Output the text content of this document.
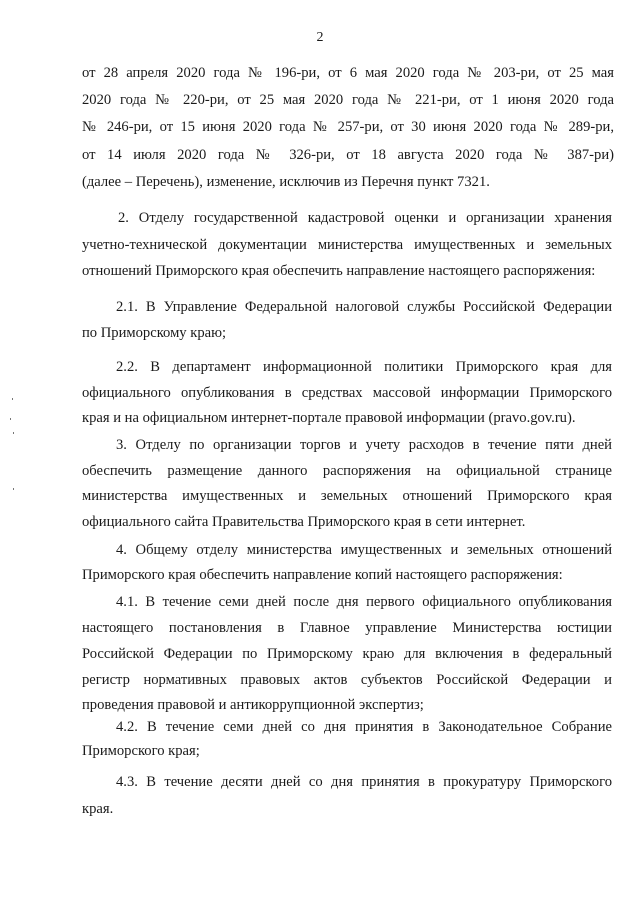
2
от 28 апреля 2020 года № 196-ри, от 6 мая 2020 года № 203-ри, от 25 мая
2020 года № 220-ри, от 25 мая 2020 года № 221-ри, от 1 июня 2020 года
№ 246-ри, от 15 июня 2020 года № 257-ри, от 30 июня 2020 года № 289-ри,
от 14 июля 2020 года № 326-ри, от 18 августа 2020 года № 387-ри)
(далее – Перечень), изменение, исключив из Перечня пункт 7321.
2. Отделу государственной кадастровой оценки и организации хранения
учетно-технической документации министерства имущественных и земельных
отношений Приморского края обеспечить направление настоящего распоряжения:
2.1. В Управление Федеральной налоговой службы Российской Федерации
по Приморскому краю;
2.2. В департамент информационной политики Приморского края для
официального опубликования в средствах массовой информации Приморского
края и на официальном интернет-портале правовой информации (pravo.gov.ru).
3. Отделу по организации торгов и учету расходов в течение пяти дней
обеспечить размещение данного распоряжения на официальной странице
министерства имущественных и земельных отношений Приморского края
официального сайта Правительства Приморского края в сети интернет.
4. Общему отделу министерства имущественных и земельных отношений
Приморского края обеспечить направление копий настоящего распоряжения:
4.1. В течение семи дней после дня первого официального опубликования
настоящего постановления в Главное управление Министерства юстиции
Российской Федерации по Приморскому краю для включения в федеральный
регистр нормативных правовых актов субъектов Российской Федерации и
проведения правовой и антикоррупционной экспертиз;
4.2. В течение семи дней со дня принятия в Законодательное Собрание
Приморского края;
4.3. В течение десяти дней со дня принятия в прокуратуру Приморского
края.
